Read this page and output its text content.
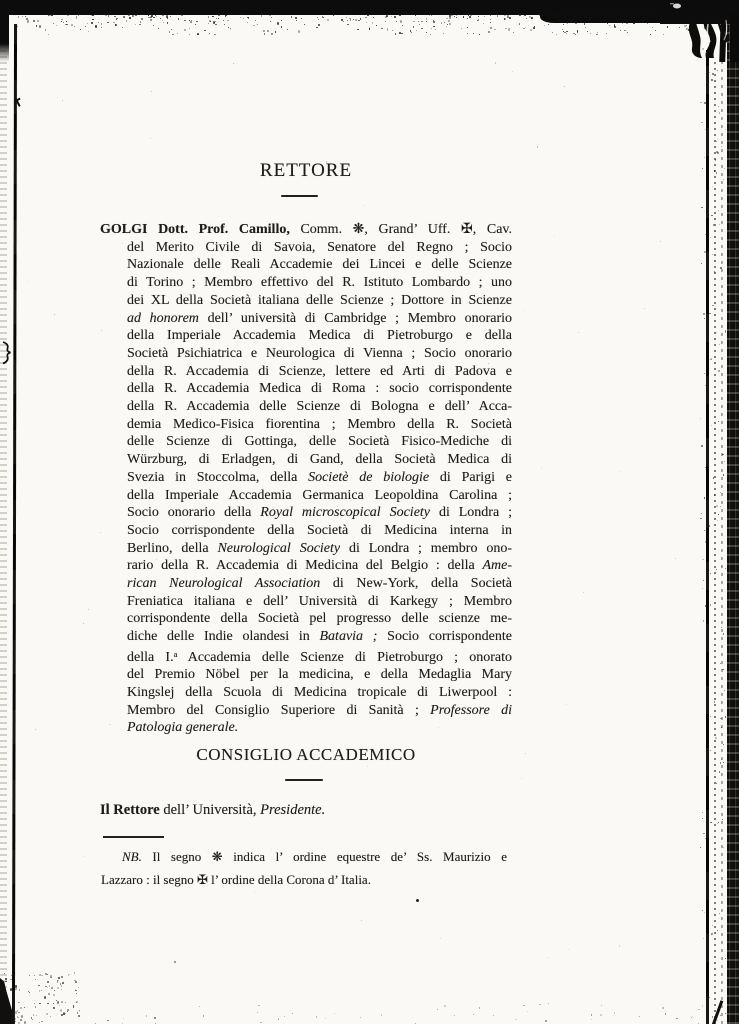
RETTORE
GOLGI Dott. Prof. Camillo, Comm. ❋, Grand’ Uff. ✠, Cav.
del Merito Civile di Savoia, Senatore del Regno ; Socio
Nazionale delle Reali Accademie dei Lincei e delle Scienze
di Torino ; Membro effettivo del R. Istituto Lombardo ; uno
dei XL della Società italiana delle Scienze ; Dottore in Scienze
ad honorem dell’ università di Cambridge ; Membro onorario
della Imperiale Accademia Medica di Pietroburgo e della
Società Psichiatrica e Neurologica di Vienna ; Socio onorario
della R. Accademia di Scienze, lettere ed Arti di Padova e
della R. Accademia Medica di Roma : socio corrispondente
della R. Accademia delle Scienze di Bologna e dell’ Acca-
demia Medico-Fisica fiorentina ; Membro della R. Società
delle Scienze di Gottinga, delle Società Fisico-Mediche di
Würzburg, di Erladgen, di Gand, della Società Medica di
Svezia in Stoccolma, della Societè de biologie di Parigi e
della Imperiale Accademia Germanica Leopoldina Carolina ;
Socio onorario della Royal microscopical Society di Londra ;
Socio corrispondente della Società di Medicina interna in
Berlino, della Neurological Society di Londra ; membro ono-
rario della R. Accademia di Medicina del Belgio : della Ame-
rican Neurological Association di New-York, della Società
Freniatica italiana e dell’ Università di Karkegy ; Membro
corrispondente della Società pel progresso delle scienze me-
diche delle Indie olandesi in Batavia ; Socio corrispondente
della I.$^a$ Accademia delle Scienze di Pietroburgo ; onorato
del Premio Nöbel per la medicina, e della Medaglia Mary
Kingslej della Scuola di Medicina tropicale di Liwerpool :
Membro del Consiglio Superiore di Sanità ; Professore di
Patologia generale.
CONSIGLIO ACCADEMICO
Il Rettore dell’ Università, Presidente.
NB. Il segno ❋ indica l’ ordine equestre de’ Ss. Maurizio e
Lazzaro : il segno ✠ l’ ordine della Corona d’ Italia.
